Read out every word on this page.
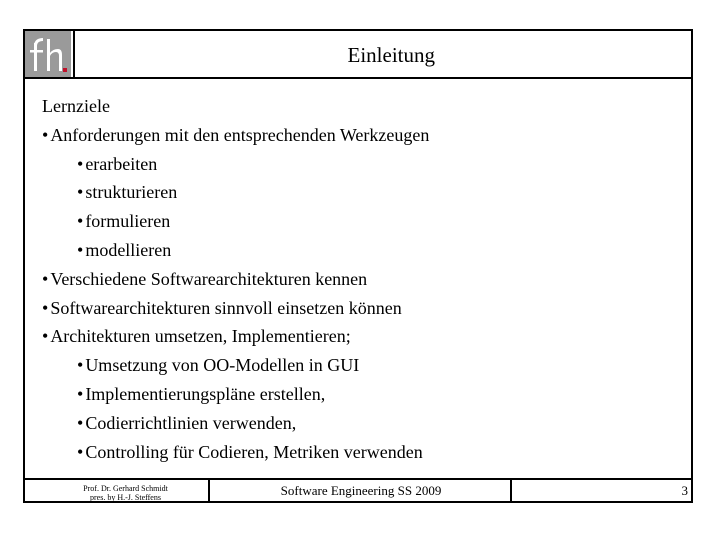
Einleitung
Lernziele
• Anforderungen mit den entsprechenden Werkzeugen
• erarbeiten
• strukturieren
• formulieren
• modellieren
• Verschiedene Softwarearchitekturen kennen
• Softwarearchitekturen sinnvoll einsetzen können
• Architekturen umsetzen, Implementieren;
• Umsetzung von OO-Modellen in GUI
• Implementierungspläne erstellen,
• Codierrichtlinien verwenden,
• Controlling für Codieren, Metriken verwenden
Prof. Dr. Gerhard Schmidt
pres. by H.-J. Steffens	Software Engineering SS 2009	3
